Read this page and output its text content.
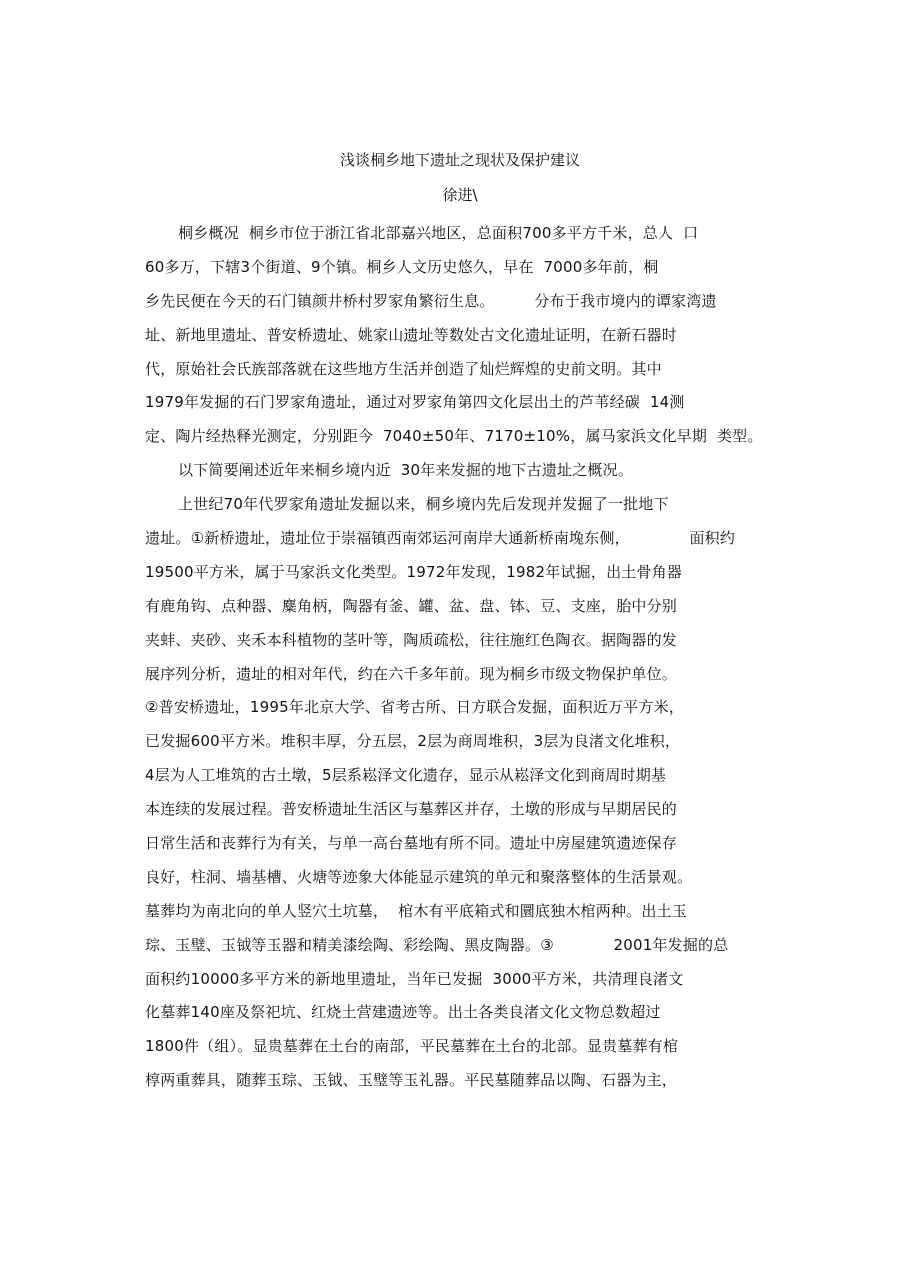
浅谈桐乡地下遗址之现状及保护建议
徐进\
桐乡概况  桐乡市位于浙江省北部嘉兴地区，总面积700多平方千米，总人  口
60多万，下辖3个街道、9个镇。桐乡人文历史悠久，早在  7000多年前，桐
乡先民便在今天的石门镇颜井桥村罗家角繁衍生息。        分布于我市境内的谭家湾遗
址、新地里遗址、普安桥遗址、姚家山遗址等数处古文化遗址证明，在新石器时
代，原始社会氏族部落就在这些地方生活并创造了灿烂辉煌的史前文明。其中
1979年发掘的石门罗家角遗址，通过对罗家角第四文化层出土的芦苇经碳  14测
定、陶片经热释光测定，分别距今  7040±50年、7170±10%，属马家浜文化早期  类型。
以下简要阐述近年来桐乡境内近  30年来发掘的地下古遗址之概况。
上世纪70年代罗家角遗址发掘以来，桐乡境内先后发现并发掘了一批地下
遗址。①新桥遗址，遗址位于崇福镇西南郊运河南岸大通新桥南堍东侧，            面积约
19500平方米，属于马家浜文化类型。1972年发现，1982年试掘，出土骨角器
有鹿角钩、点种器、麋角柄，陶器有釜、罐、盆、盘、钵、豆、支座，胎中分别
夹蚌、夹砂、夹禾本科植物的茎叶等，陶质疏松，往往施红色陶衣。据陶器的发
展序列分析，遗址的相对年代，约在六千多年前。现为桐乡市级文物保护单位。
②普安桥遗址，1995年北京大学、省考古所、日方联合发掘，面积近万平方米，
已发掘600平方米。堆积丰厚，分五层，2层为商周堆积，3层为良渚文化堆积，
4层为人工堆筑的古土墩，5层系崧泽文化遗存，显示从崧泽文化到商周时期基
本连续的发展过程。普安桥遗址生活区与墓葬区并存，土墩的形成与早期居民的
日常生活和丧葬行为有关，与单一高台墓地有所不同。遗址中房屋建筑遗迹保存
良好，柱洞、墙基槽、火塘等迹象大体能显示建筑的单元和聚落整体的生活景观。
墓葬均为南北向的单人竖穴土坑墓，  棺木有平底箱式和圜底独木棺两种。出土玉
琮、玉璧、玉钺等玉器和精美漆绘陶、彩绘陶、黑皮陶器。③            2001年发掘的总
面积约10000多平方米的新地里遗址，当年已发掘  3000平方米，共清理良渚文
化墓葬140座及祭祀坑、红烧土营建遗迹等。出土各类良渚文化文物总数超过
1800件（组）。显贵墓葬在土台的南部，平民墓葬在土台的北部。显贵墓葬有棺
椁两重葬具，随葬玉琮、玉钺、玉璧等玉礼器。平民墓随葬品以陶、石器为主，
